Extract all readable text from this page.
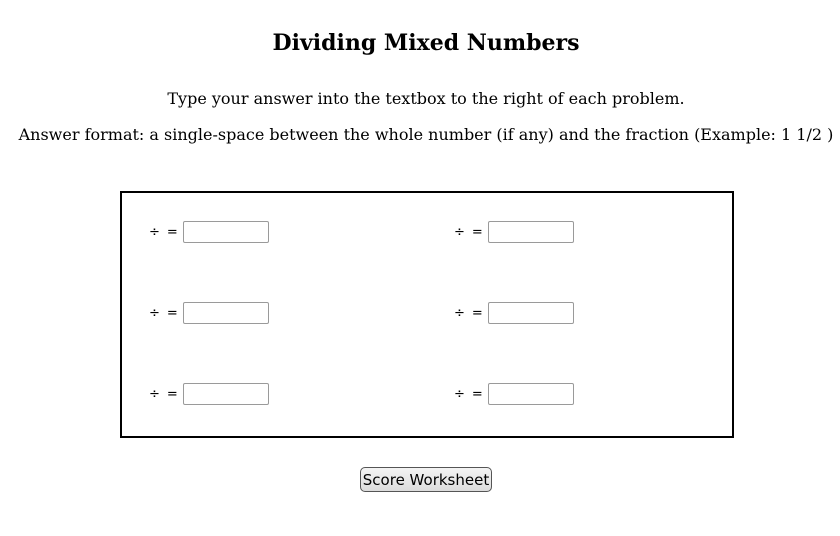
Dividing Mixed Numbers

Type your answer into the textbox to the right of each problem.

Answer format: a single-space between the whole number (if any) and the fraction (Example: 1 1/2 )

÷ =	÷ =
÷ =	÷ =
÷ =	÷ =
Score Worksheet
